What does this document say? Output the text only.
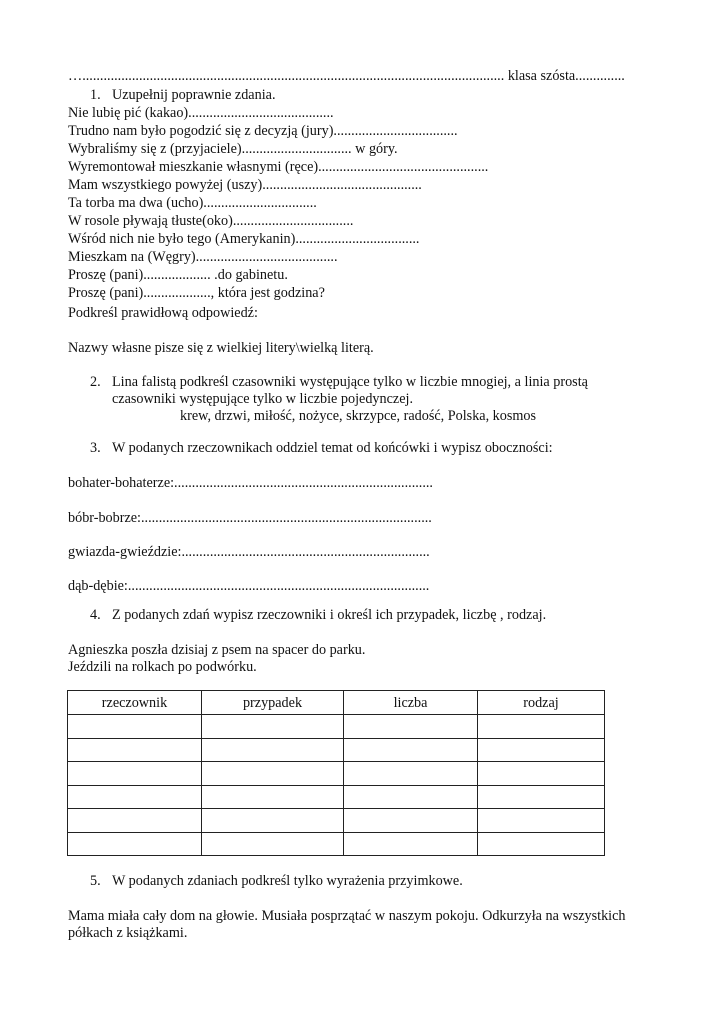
…....................................................................................................................... klasa szósta..............
1. Uzupełnij poprawnie zdania.
Nie lubię pić (kakao).........................................
Trudno nam było pogodzić się z decyzją (jury)...................................
Wybraliśmy się z (przyjaciele)............................... w góry.
Wyremontował mieszkanie własnymi (ręce)................................................
Mam wszystkiego powyżej (uszy).............................................
Ta torba ma dwa (ucho)................................
W rosole pływają tłuste(oko)..................................
Wśród nich nie było tego (Amerykanin)...................................
Mieszkam na (Węgry)........................................
Proszę (pani)................... .do gabinetu.
Proszę (pani)..................., która jest godzina?
Podkreśl prawidłową odpowiedź:
Nazwy własne pisze się z wielkiej litery\wielką literą.
2. Lina falistą podkreśl czasowniki występujące tylko w liczbie mnogiej, a linia prostą
czasowniki występujące tylko w liczbie pojedynczej.
krew, drzwi, miłość, nożyce, skrzypce, radość, Polska, kosmos
3. W podanych rzeczownikach oddziel temat od końcówki i wypisz oboczności:
bohater-bohaterze:.........................................................................
bóbr-bobrze:..................................................................................
gwiazda-gwieździe:......................................................................
dąb-dębie:.....................................................................................
4. Z podanych zdań wypisz rzeczowniki i określ ich przypadek, liczbę , rodzaj.
Agnieszka poszła dzisiaj z psem na spacer do parku.
Jeździli na rolkach po podwórku.
rzeczownik	przypadek	liczba	rodzaj

5. W podanych zdaniach podkreśl tylko wyrażenia przyimkowe.
Mama miała cały dom na głowie. Musiała posprzątać w naszym pokoju. Odkurzyła na wszystkich
półkach z książkami.
